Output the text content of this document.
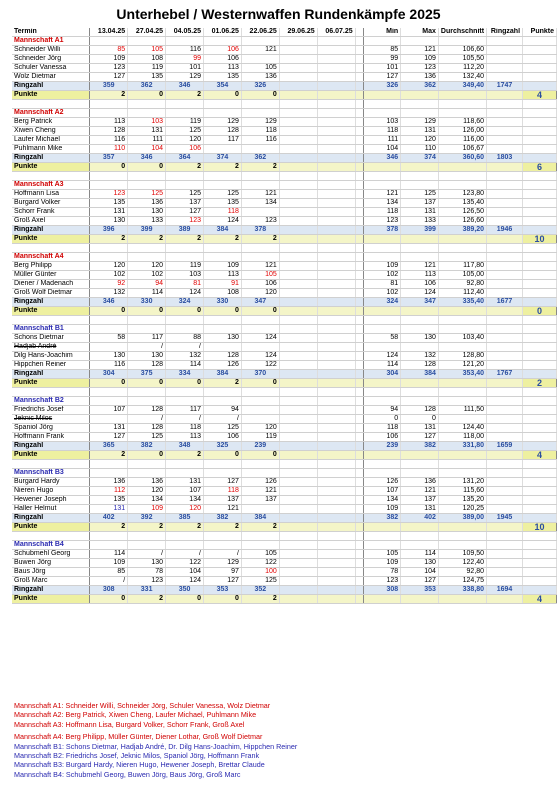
Unterhebel / Westernwaffen Rundenkämpfe 2025
Termin	13.04.25	27.04.25	04.05.25	01.06.25	22.06.25	29.06.25	06.07.25		Min	Max	Durchschnitt	Ringzahl	Punkte
Mannschaft A1													
Schneider Willi	85	105	116	106	121				85	121	106,60		
Schneider Jörg	109	108	99	106					99	109	105,50		
Schuler Vanessa	123	119	101	113	105				101	123	112,20		
Wolz Dietmar	127	135	129	135	136				127	136	132,40		
Ringzahl	359	362	346	354	326				326	362	349,40	1747	
Punkte	2	0	2	0	0								4

Mannschaft A2													
Berg Patrick	113	103	119	129	129				103	129	118,60		
Xiwen Cheng	128	131	125	128	118				118	131	126,00		
Laufer Michael	116	111	120	117	116				111	120	116,00		
Puhlmann Mike	110	104	106						104	110	106,67		
Ringzahl	357	346	364	374	362				346	374	360,60	1803	
Punkte	0	0	2	2	2								6

Mannschaft A3													
Hoffmann Lisa	123	125	125	125	121				121	125	123,80		
Burgard Volker	135	136	137	135	134				134	137	135,40		
Schorr Frank	131	130	127	118					118	131	126,50		
Groß Axel	130	133	123	124	123				123	133	126,60		
Ringzahl	396	399	389	384	378				378	399	389,20	1946	
Punkte	2	2	2	2	2								10

Mannschaft A4													
Berg Philipp	120	120	119	109	121				109	121	117,80		
Müller Günter	102	102	103	113	105				102	113	105,00		
Diener / Madenach	92	94	81	91	106				81	106	92,80		
Groß Wolf Dietmar	132	114	124	108	120				102	124	112,40		
Ringzahl	346	330	324	330	347				324	347	335,40	1677	
Punkte	0	0	0	0	0								0

Mannschaft B1													
Schons Dietmar	58	117	88	130	124				58	130	103,40		
Hadjab André		/	/										
Dilg Hans-Joachim	130	130	132	128	124				124	132	128,80		
Hippchen Reiner	116	128	114	126	122				114	128	121,20		
Ringzahl	304	375	334	384	370				304	384	353,40	1767	
Punkte	0	0	0	2	0								2

Mannschaft B2													
Friedrichs Josef	107	128	117	94					94	128	111,50		
Jeknic Milos		/	/	/					0	0			
Spaniol Jörg	131	128	118	125	120				118	131	124,40		
Hoffmann Frank	127	125	113	106	119				106	127	118,00		
Ringzahl	365	382	348	325	239				239	382	331,80	1659	
Punkte	2	0	2	0	0								4

Mannschaft B3													
Burgard Hardy	136	136	131	127	126				126	136	131,20		
Nieren Hugo	112	120	107	118	121				107	121	115,60		
Hewener Joseph	135	134	134	137	137				134	137	135,20		
Haller Helmut	131	109	120	121					109	131	120,25		
Ringzahl	402	392	385	382	384				382	402	389,00	1945	
Punkte	2	2	2	2	2								10

Mannschaft B4													
Schubmehl Georg	114	/	/	/	105				105	114	109,50		
Buwen Jörg	109	130	122	129	122				109	130	122,40		
Baus Jörg	85	78	104	97	100				78	104	92,80		
Groß Marc	/	123	124	127	125				123	127	124,75		
Ringzahl	308	331	350	353	352				308	353	338,80	1694	
Punkte	0	2	0	0	2								4
Mannschaft A1: Schneider Willi, Schneider Jörg, Schuler Vanessa, Wolz Dietmar
Mannschaft A2: Berg Patrick, Xiwen Cheng, Laufer Michael, Puhlmann Mike
Mannschaft A3: Hoffmann Lisa, Burgard Volker, Schorr Frank, Groß Axel
Mannschaft A4: Berg Philipp, Müller Günter, Diener Lothar, Groß Wolf Dietmar
Mannschaft B1: Schons Dietmar, Hadjab André, Dr. Dilg Hans-Joachim, Hippchen Reiner
Mannschaft B2: Friedrichs Josef, Jeknic Milos, Spaniol Jörg, Hoffmann Frank
Mannschaft B3: Burgard Hardy, Nieren Hugo, Hewener Joseph, Brettar Claude
Mannschaft B4: Schubmehl Georg, Buwen Jörg, Baus Jörg, Groß Marc
